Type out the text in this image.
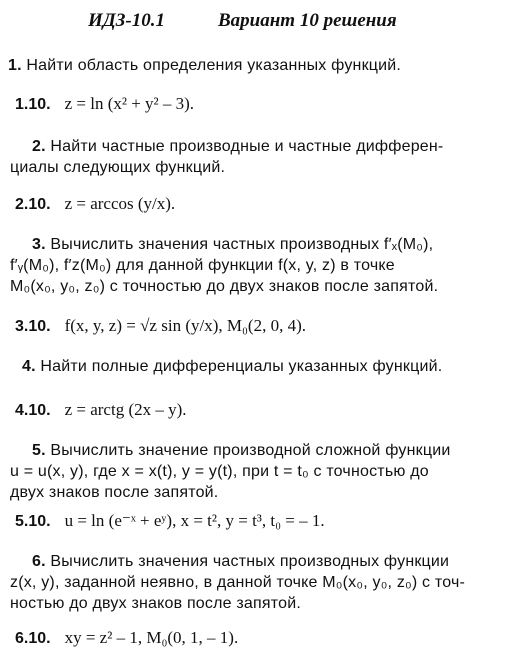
ИДЗ-10.1	Вариант 10 решения
1. Найти область определения указанных функций.
1.10. z = ln (x² + y² – 3).
2. Найти частные производные и частные дифферен-
циалы следующих функций.
2.10. z = arccos (y/x).
3. Вычислить значения частных производных f′ₓ(M₀),
f′ᵧ(M₀), f′z(M₀) для данной функции f(x, y, z) в точке
M₀(x₀, y₀, z₀) с точностью до двух знаков после запятой.
3.10. f(x, y, z) = √z sin (y/x), M₀(2, 0, 4).
4. Найти полные дифференциалы указанных функций.
4.10. z = arctg (2x – y).
5. Вычислить значение производной сложной функции
u = u(x, y), где x = x(t), y = y(t), при t = t₀ с точностью до
двух знаков после запятой.
5.10. u = ln (e⁻ˣ + eʸ), x = t², y = t³, t₀ = – 1.
6. Вычислить значения частных производных функции
z(x, y), заданной неявно, в данной точке M₀(x₀, y₀, z₀) с точ-
ностью до двух знаков после запятой.
6.10. xy = z² – 1, M₀(0, 1, – 1).
